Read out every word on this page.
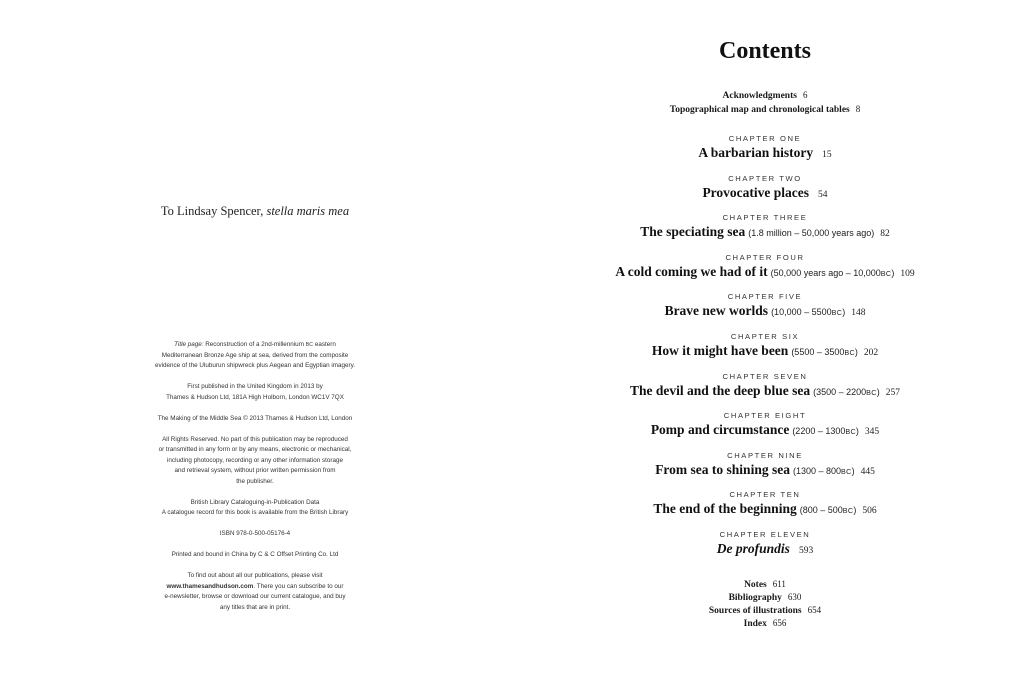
To Lindsay Spencer, stella maris mea
Title page: Reconstruction of a 2nd-millennium BC eastern
Mediterranean Bronze Age ship at sea, derived from the composite
evidence of the Uluburun shipwreck plus Aegean and Egyptian imagery.
First published in the United Kingdom in 2013 by
Thames & Hudson Ltd, 181A High Holborn, London WC1V 7QX
The Making of the Middle Sea © 2013 Thames & Hudson Ltd, London
All Rights Reserved. No part of this publication may be reproduced
or transmitted in any form or by any means, electronic or mechanical,
including photocopy, recording or any other information storage
and retrieval system, without prior written permission from
the publisher.
British Library Cataloguing-in-Publication Data
A catalogue record for this book is available from the British Library
ISBN 978-0-500-05176-4
Printed and bound in China by C & C Offset Printing Co. Ltd
To find out about all our publications, please visit
www.thamesandhudson.com. There you can subscribe to our
e-newsletter, browse or download our current catalogue, and buy
any titles that are in print.
Contents
Acknowledgments 6
Topographical map and chronological tables 8
CHAPTER ONE
A barbarian history 15
CHAPTER TWO
Provocative places 54
CHAPTER THREE
The speciating sea (1.8 million – 50,000 years ago) 82
CHAPTER FOUR
A cold coming we had of it (50,000 years ago – 10,000BC) 109
CHAPTER FIVE
Brave new worlds (10,000 – 5500BC) 148
CHAPTER SIX
How it might have been (5500 – 3500BC) 202
CHAPTER SEVEN
The devil and the deep blue sea (3500 – 2200BC) 257
CHAPTER EIGHT
Pomp and circumstance (2200 – 1300BC) 345
CHAPTER NINE
From sea to shining sea (1300 – 800BC) 445
CHAPTER TEN
The end of the beginning (800 – 500BC) 506
CHAPTER ELEVEN
De profundis 593
Notes 611
Bibliography 630
Sources of illustrations 654
Index 656
